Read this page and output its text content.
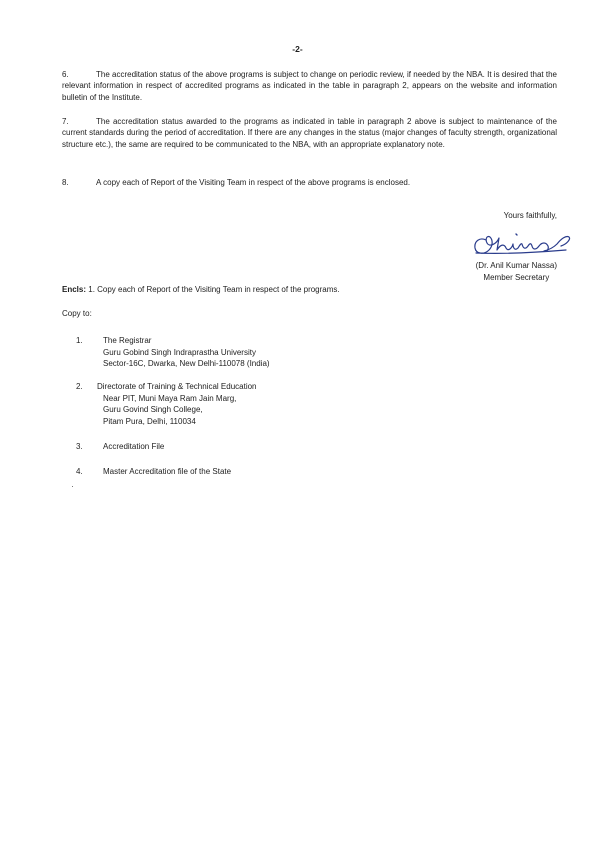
-2-
6.	The accreditation status of the above programs is subject to change on periodic review, if needed by the NBA. It is desired that the relevant information in respect of accredited programs as indicated in the table in paragraph 2, appears on the website and information bulletin of the Institute.
7.	The accreditation status awarded to the programs as indicated in table in paragraph 2 above is subject to maintenance of the current standards during the period of accreditation. If there are any changes in the status (major changes of faculty strength, organizational structure etc.), the same are required to be communicated to the NBA, with an appropriate explanatory note.
8.	A copy each of Report of the Visiting Team in respect of the above programs is enclosed.
Yours faithfully,
(Dr. Anil Kumar Nassa)
Member Secretary
Encls: 1. Copy each of Report of the Visiting Team in respect of the programs.
Copy to:
1.	The Registrar
Guru Gobind Singh Indraprastha University
Sector-16C, Dwarka, New Delhi-110078 (India)
2.	Directorate of Training & Technical Education
Near PIT, Muni Maya Ram Jain Marg,
Guru Govind Singh College,
Pitam Pura, Delhi, 110034
3.	Accreditation File
4.	Master Accreditation file of the State
